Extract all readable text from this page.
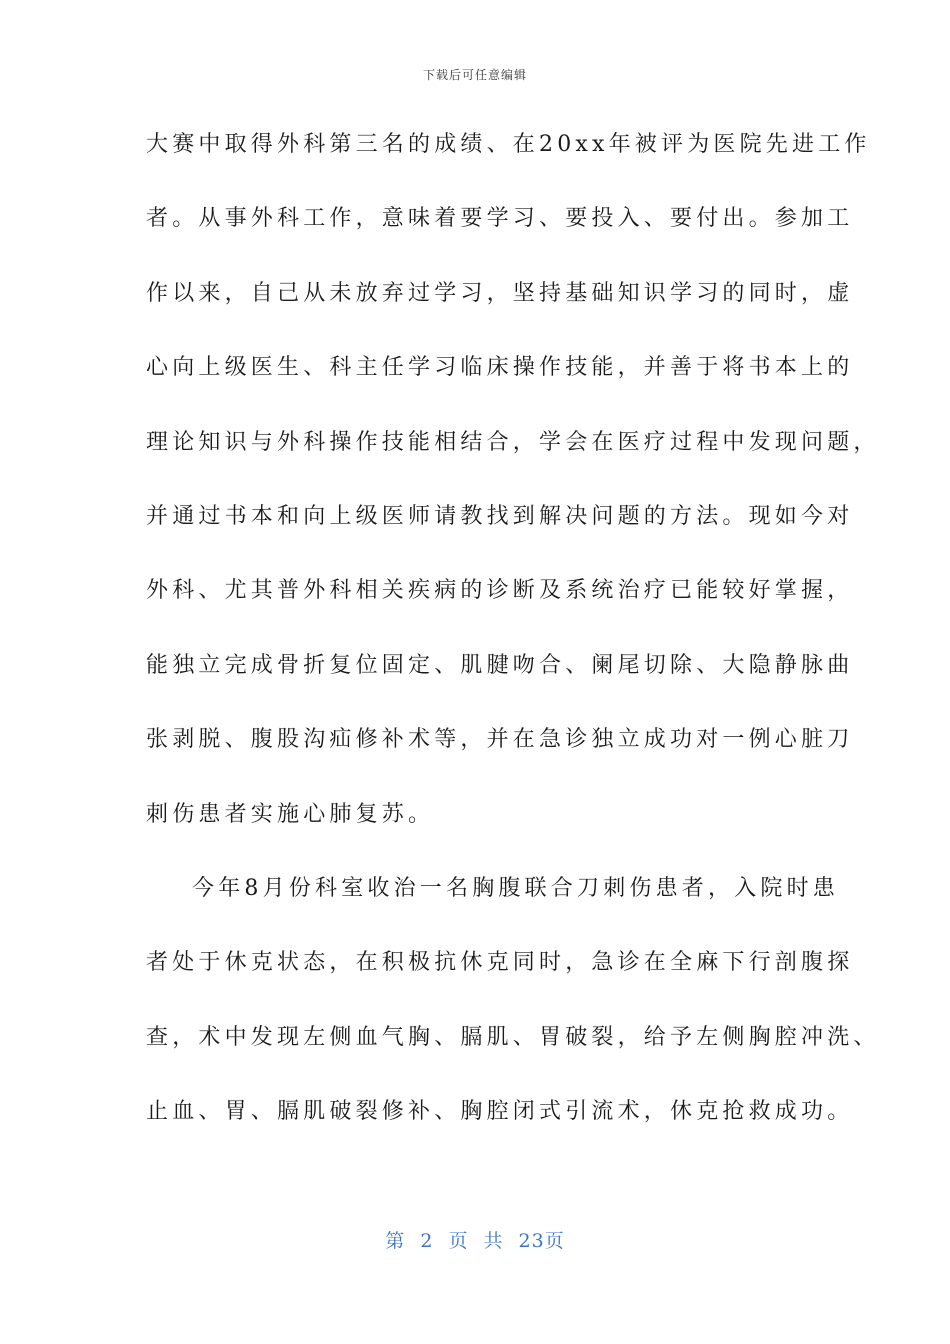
下载后可任意编辑
大赛中取得外科第三名的成绩、在20xx年被评为医院先进工作
者。从事外科工作，意味着要学习、要投入、要付出。参加工
作以来，自己从未放弃过学习，坚持基础知识学习的同时，虚
心向上级医生、科主任学习临床操作技能，并善于将书本上的
理论知识与外科操作技能相结合，学会在医疗过程中发现问题，
并通过书本和向上级医师请教找到解决问题的方法。现如今对
外科、尤其普外科相关疾病的诊断及系统治疗已能较好掌握，
能独立完成骨折复位固定、肌腱吻合、阑尾切除、大隐静脉曲
张剥脱、腹股沟疝修补术等，并在急诊独立成功对一例心脏刀
刺伤患者实施心肺复苏。
今年8月份科室收治一名胸腹联合刀刺伤患者，入院时患
者处于休克状态，在积极抗休克同时，急诊在全麻下行剖腹探
查，术中发现左侧血气胸、膈肌、胃破裂，给予左侧胸腔冲洗、
止血、胃、膈肌破裂修补、胸腔闭式引流术，休克抢救成功。
第 2 页 共 23页
